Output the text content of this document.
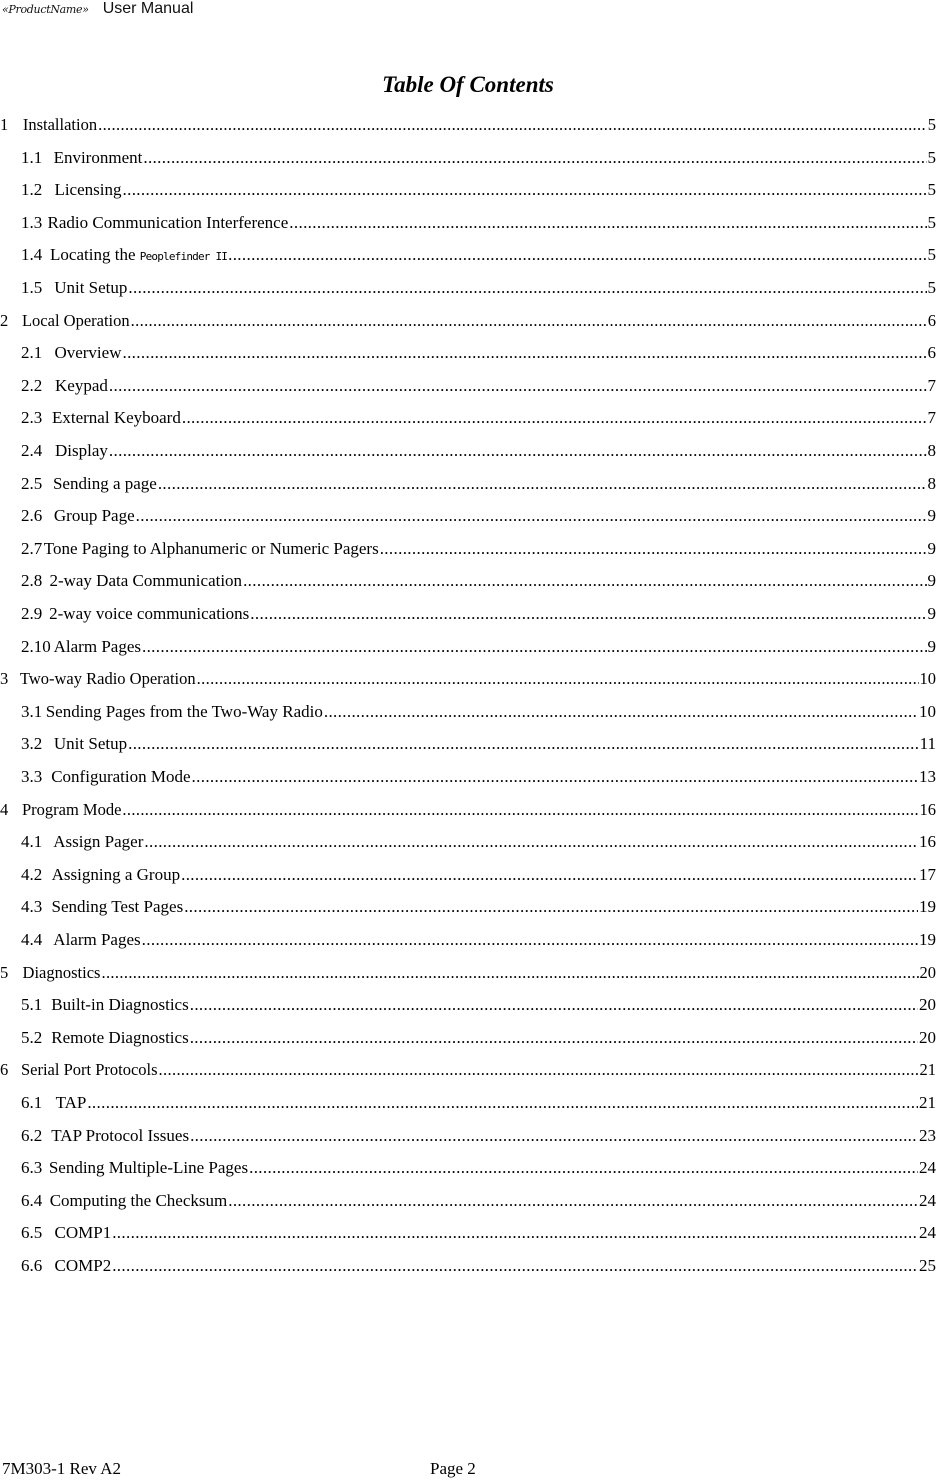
«ProductName» User Manual
Table Of Contents
1 Installation .....	5
1.1 Environment .....	5
1.2 Licensing .....	5
1.3 Radio Communication Interference .....	5
1.4 Locating the
Peoplefinder II .....	5
1.5 Unit Setup .....	5
2 Local Operation .....	6
2.1 Overview .....	6
2.2 Keypad .....	7
2.3 External Keyboard .....	7
2.4 Display .....	8
2.5 Sending a page .....	8
2.6 Group Page .....	9
2.7 Tone Paging to Alphanumeric or Numeric Pagers .....	9
2.8 2-way Data Communication .....	9
2.9 2-way voice communications .....	9
2.10 Alarm Pages .....	9
3 Two-way Radio Operation .....	10
3.1 Sending Pages from the Two-Way Radio .....	10
3.2 Unit Setup .....	11
3.3 Configuration Mode .....	13
4 Program Mode .....	16
4.1 Assign Pager .....	16
4.2 Assigning a Group .....	17
4.3 Sending Test Pages .....	19
4.4 Alarm Pages .....	19
5 Diagnostics .....	20
5.1 Built-in Diagnostics .....	20
5.2 Remote Diagnostics .....	20
6 Serial Port Protocols .....	21
6.1 TAP .....	21
6.2 TAP Protocol Issues .....	23
6.3 Sending Multiple-Line Pages .....	24
6.4 Computing the Checksum .....	24
6.5 COMP1 .....	24
6.6 COMP2 .....	25
7M303-1 Rev A2	Page 2
